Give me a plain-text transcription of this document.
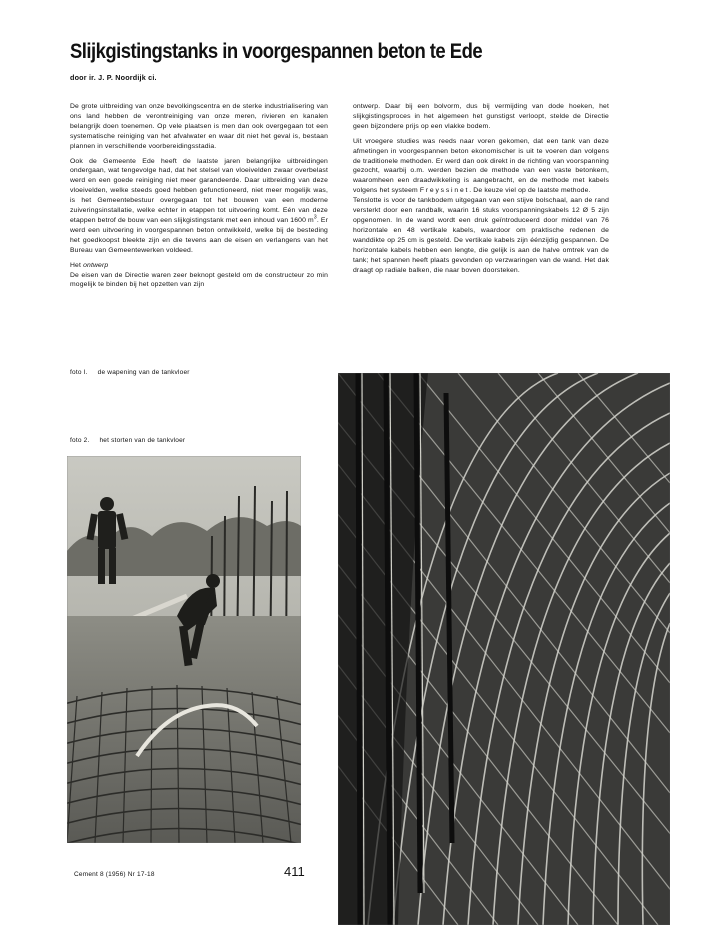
Slijkgistingstanks in voorgespannen beton te Ede
door ir. J. P. Noordijk ci.

De grote uitbreiding van onze bevolkingscentra en de sterke industrialisering van ons land hebben de verontreiniging van onze meren, rivieren en kanalen belangrijk doen toenemen. Op vele plaatsen is men dan ook overgegaan tot een systematische reiniging van het afvalwater en waar dit niet het geval is, bestaan plannen in verschillende voorbereidingsstadia.

Ook de Gemeente Ede heeft de laatste jaren belangrijke uitbreidingen ondergaan, wat tengevolge had, dat het stelsel van vloeivelden zwaar overbelast werd en een goede reiniging niet meer garandeerde. Daar uitbreiding van deze vloeivelden, welke steeds goed hebben gefunctioneerd, niet meer mogelijk was, is het Gemeentebestuur overgegaan tot het bouwen van een moderne zuiveringsinstallatie, welke echter in etappen tot uitvoering komt. Eén van deze etappen betrof de bouw van een slijkgistingstank met een inhoud van 1600 $m^3$. Er werd een uitvoering in voorgespannen beton ontwikkeld, welke bij de besteding het goedkoopst bleekte zijn en die tevens aan de eisen en verlangens van het Bureau van Gemeentewerken voldeed.

Het ontwerp

De eisen van de Directie waren zeer beknopt gesteld om de constructeur zo min mogelijk te binden bij het opzetten van zijn

ontwerp. Daar bij een bolvorm, dus bij vermijding van dode hoeken, het slijkgistingsproces in het algemeen het gunstigst verloopt, stelde de Directie geen bijzondere prijs op een vlakke bodem.

Uit vroegere studies was reeds naar voren gekomen, dat een tank van deze afmetingen in voorgespannen beton ekonomischer is uit te voeren dan volgens de traditionele methoden. Er werd dan ook direkt in de richting van voorspanning gezocht, waarbij o.m. werden bezien de methode van een vaste betonkern, waaromheen een draadwikkeling is aangebracht, en de methode met kabels volgens het systeem Freyssinet. De keuze viel op de laatste methode.

Tenslotte is voor de tankbodem uitgegaan van een stijve bolschaal, aan de rand versterkt door een randbalk, waarin 16 stuks voorspanningskabels 12 Ø 5 zijn opgenomen. In de wand wordt een druk geïntroduceerd door middel van 76 horizontale en 48 vertikale kabels, waardoor om praktische redenen de wanddikte op 25 cm is gesteld. De vertikale kabels zijn éénzijdig gespannen. De horizontale kabels hebben een lengte, die gelijk is aan de halve omtrek van de tank; het spannen heeft plaats gevonden op verzwaringen van de wand. Het dak draagt op radiale balken, die naar boven doorsteken.

foto I. de wapening van de tankvloer
foto 2. het storten van de tankvloer
Cement 8 (1956) Nr 17-18	411
